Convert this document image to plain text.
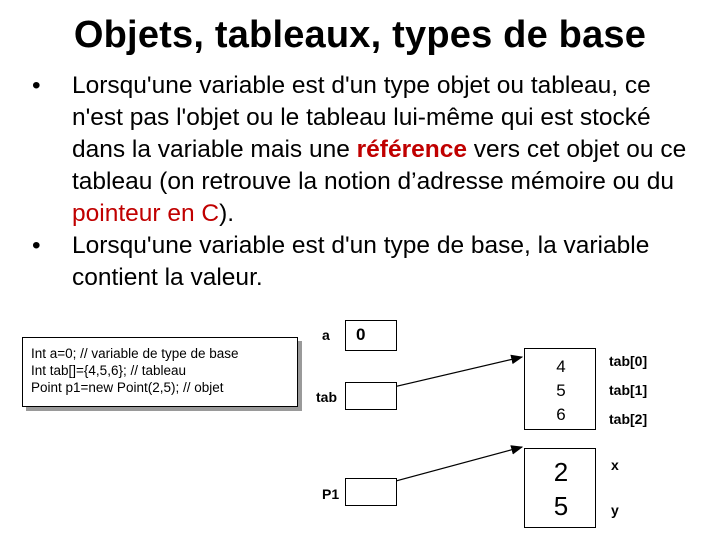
Objets, tableaux, types de base
• Lorsqu'une variable est d'un type objet ou tableau, ce n'est pas l'objet ou le tableau lui-même qui est stocké dans la variable mais une référence vers cet objet ou ce tableau (on retrouve la notion d’adresse mémoire ou du pointeur en C).
• Lorsqu'une variable est d'un type de base, la variable contient la valeur.
Int a=0; // variable de type de base
Int tab[]={4,5,6}; // tableau
Point p1=new Point(2,5); // objet
a 0
tab
P1
4
5
6
tab[0]
tab[1]
tab[2]
2
5
x
y
